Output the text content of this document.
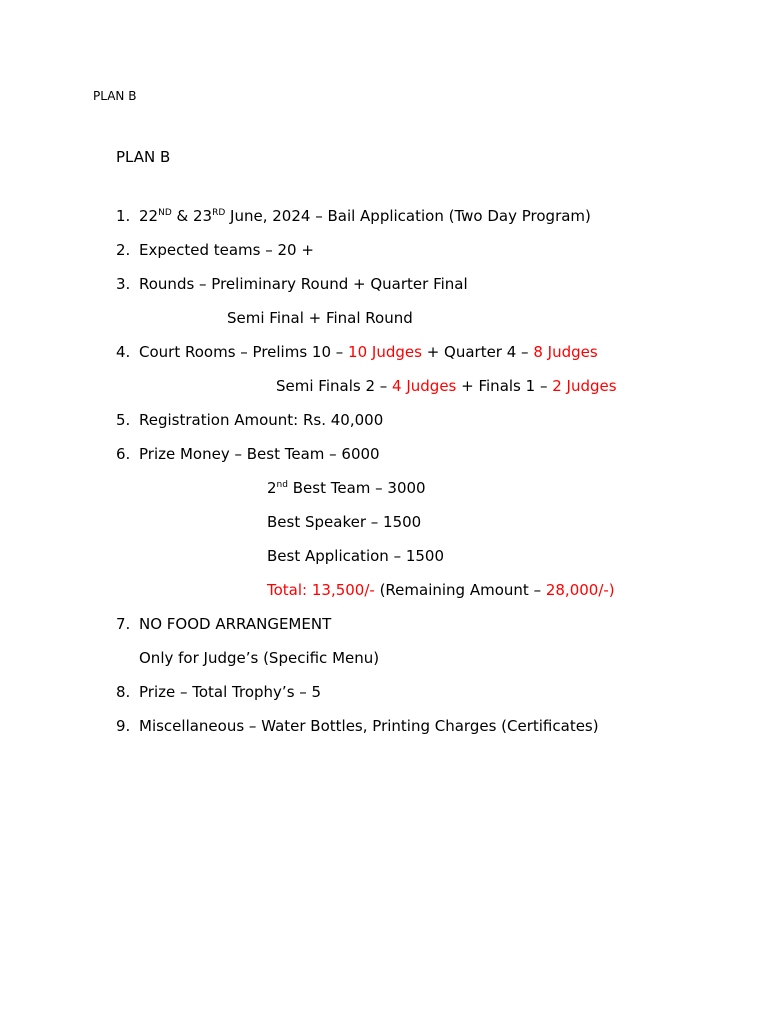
PLAN B
PLAN B
1. 22ND & 23RD June, 2024 – Bail Application (Two Day Program)
2. Expected teams – 20 +
3. Rounds – Preliminary Round + Quarter Final
Semi Final + Final Round
4. Court Rooms – Prelims 10 – 10 Judges + Quarter 4 – 8 Judges
Semi Finals 2 – 4 Judges + Finals 1 – 2 Judges
5. Registration Amount: Rs. 40,000
6. Prize Money – Best Team – 6000
2nd Best Team – 3000
Best Speaker – 1500
Best Application – 1500
Total: 13,500/- (Remaining Amount – 28,000/-)
7. NO FOOD ARRANGEMENT
Only for Judge’s (Specific Menu)
8. Prize – Total Trophy’s – 5
9. Miscellaneous – Water Bottles, Printing Charges (Certificates)
